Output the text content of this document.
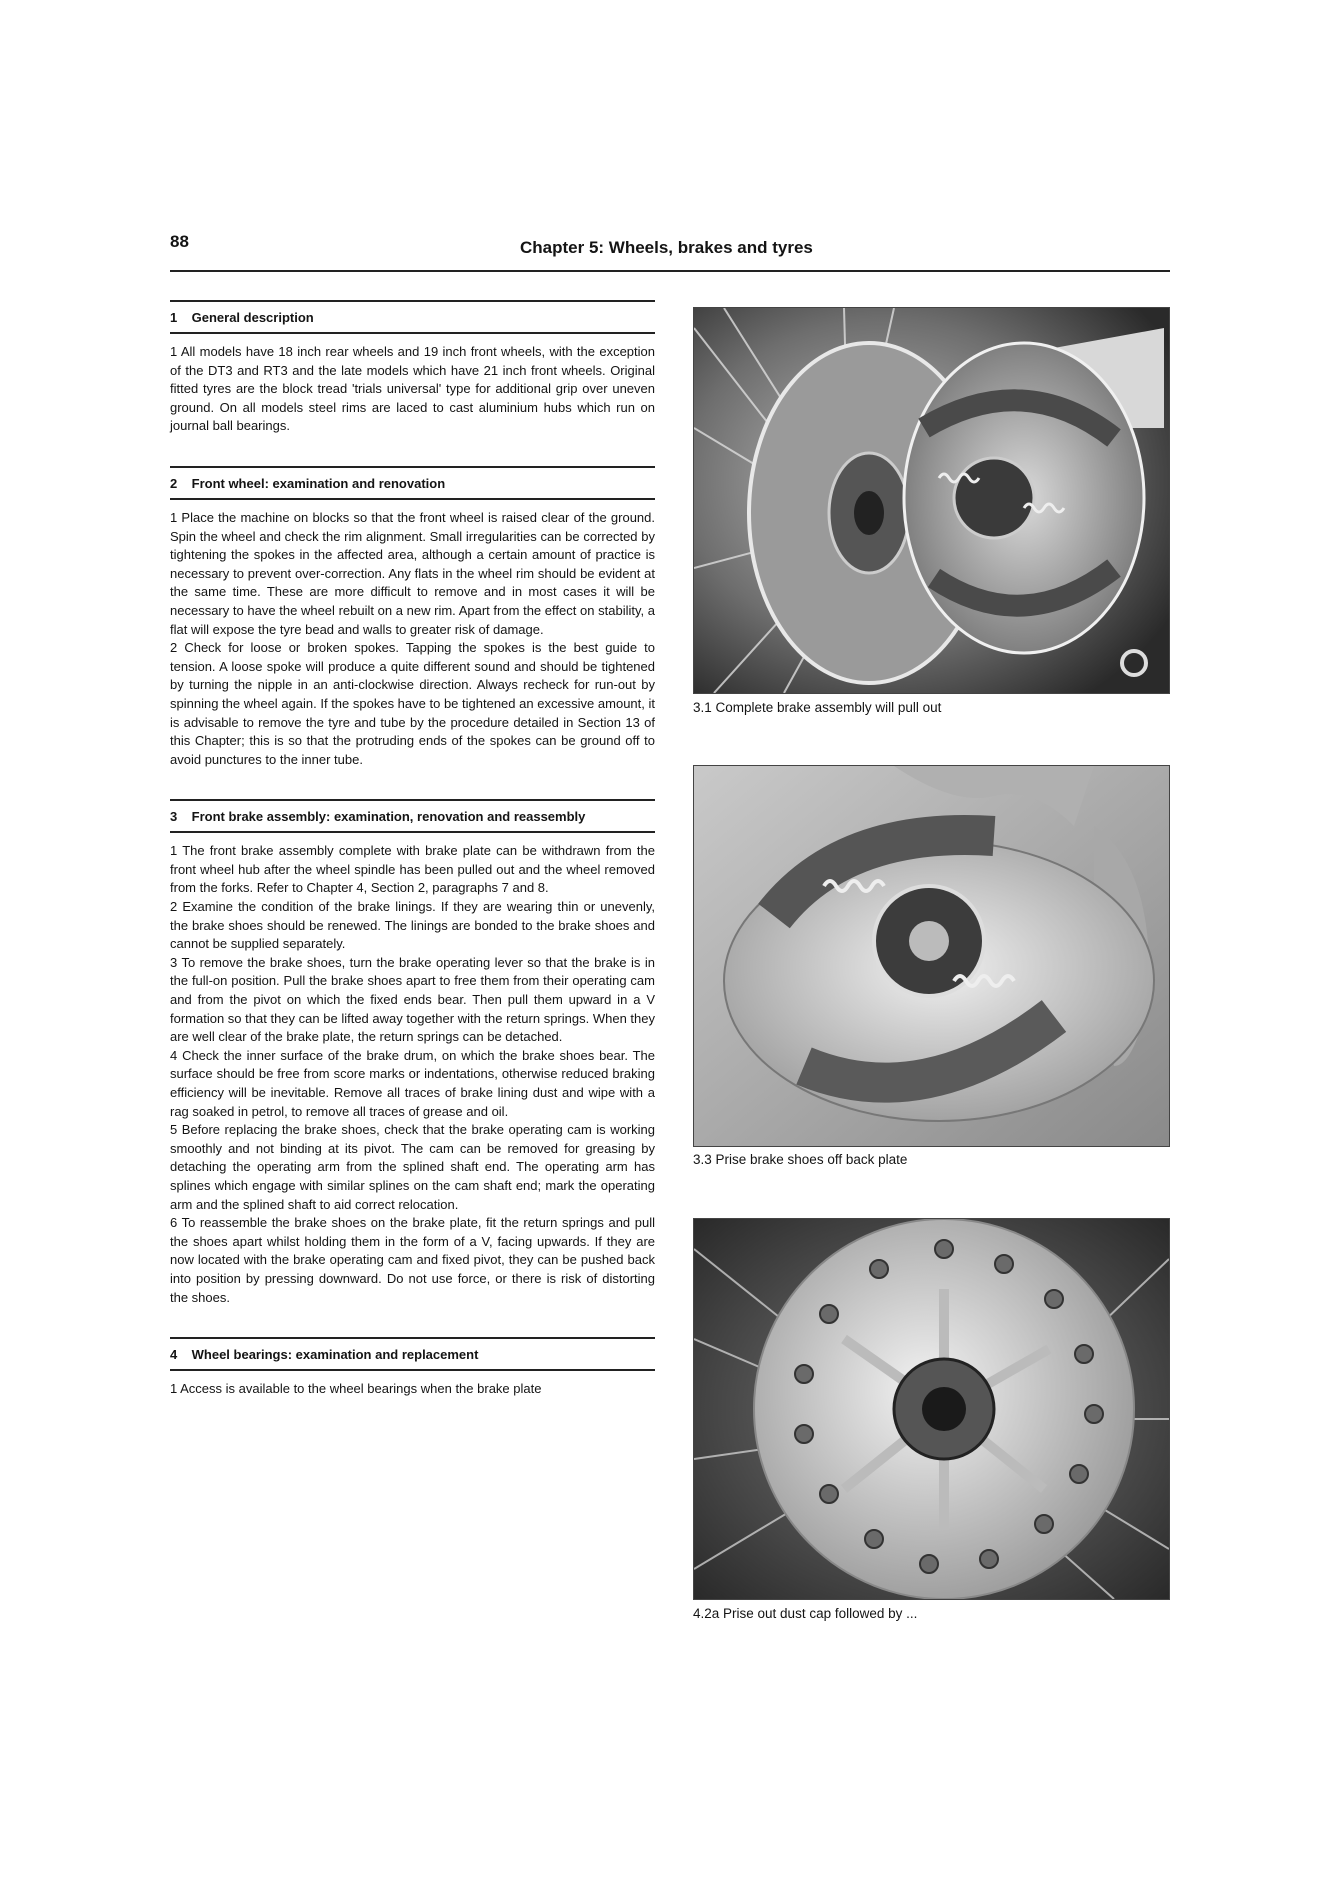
88	Chapter 5: Wheels, brakes and tyres
1 General description

1 All models have 18 inch rear wheels and 19 inch front wheels, with the exception of the DT3 and RT3 and the late models which have 21 inch front wheels. Original fitted tyres are the block tread 'trials universal' type for additional grip over uneven ground. On all models steel rims are laced to cast aluminium hubs which run on journal ball bearings.

2 Front wheel: examination and renovation

1 Place the machine on blocks so that the front wheel is raised clear of the ground. Spin the wheel and check the rim alignment. Small irregularities can be corrected by tightening the spokes in the affected area, although a certain amount of practice is necessary to prevent over-correction. Any flats in the wheel rim should be evident at the same time. These are more difficult to remove and in most cases it will be necessary to have the wheel rebuilt on a new rim. Apart from the effect on stability, a flat will expose the tyre bead and walls to greater risk of damage.

2 Check for loose or broken spokes. Tapping the spokes is the best guide to tension. A loose spoke will produce a quite different sound and should be tightened by turning the nipple in an anti-clockwise direction. Always recheck for run-out by spinning the wheel again. If the spokes have to be tightened an excessive amount, it is advisable to remove the tyre and tube by the procedure detailed in Section 13 of this Chapter; this is so that the protruding ends of the spokes can be ground off to avoid punctures to the inner tube.

3 Front brake assembly: examination, renovation and reassembly

1 The front brake assembly complete with brake plate can be withdrawn from the front wheel hub after the wheel spindle has been pulled out and the wheel removed from the forks. Refer to Chapter 4, Section 2, paragraphs 7 and 8.

2 Examine the condition of the brake linings. If they are wearing thin or unevenly, the brake shoes should be renewed. The linings are bonded to the brake shoes and cannot be supplied separately.

3 To remove the brake shoes, turn the brake operating lever so that the brake is in the full-on position. Pull the brake shoes apart to free them from their operating cam and from the pivot on which the fixed ends bear. Then pull them upward in a V formation so that they can be lifted away together with the return springs. When they are well clear of the brake plate, the return springs can be detached.

4 Check the inner surface of the brake drum, on which the brake shoes bear. The surface should be free from score marks or indentations, otherwise reduced braking efficiency will be inevitable. Remove all traces of brake lining dust and wipe with a rag soaked in petrol, to remove all traces of grease and oil.

5 Before replacing the brake shoes, check that the brake operating cam is working smoothly and not binding at its pivot. The cam can be removed for greasing by detaching the operating arm from the splined shaft end. The operating arm has splines which engage with similar splines on the cam shaft end; mark the operating arm and the splined shaft to aid correct relocation.

6 To reassemble the brake shoes on the brake plate, fit the return springs and pull the shoes apart whilst holding them in the form of a V, facing upwards. If they are now located with the brake operating cam and fixed pivot, they can be pushed back into position by pressing downward. Do not use force, or there is risk of distorting the shoes.

4 Wheel bearings: examination and replacement

1 Access is available to the wheel bearings when the brake plate

3.1 Complete brake assembly will pull out
3.3 Prise brake shoes off back plate
4.2a Prise out dust cap followed by ...
